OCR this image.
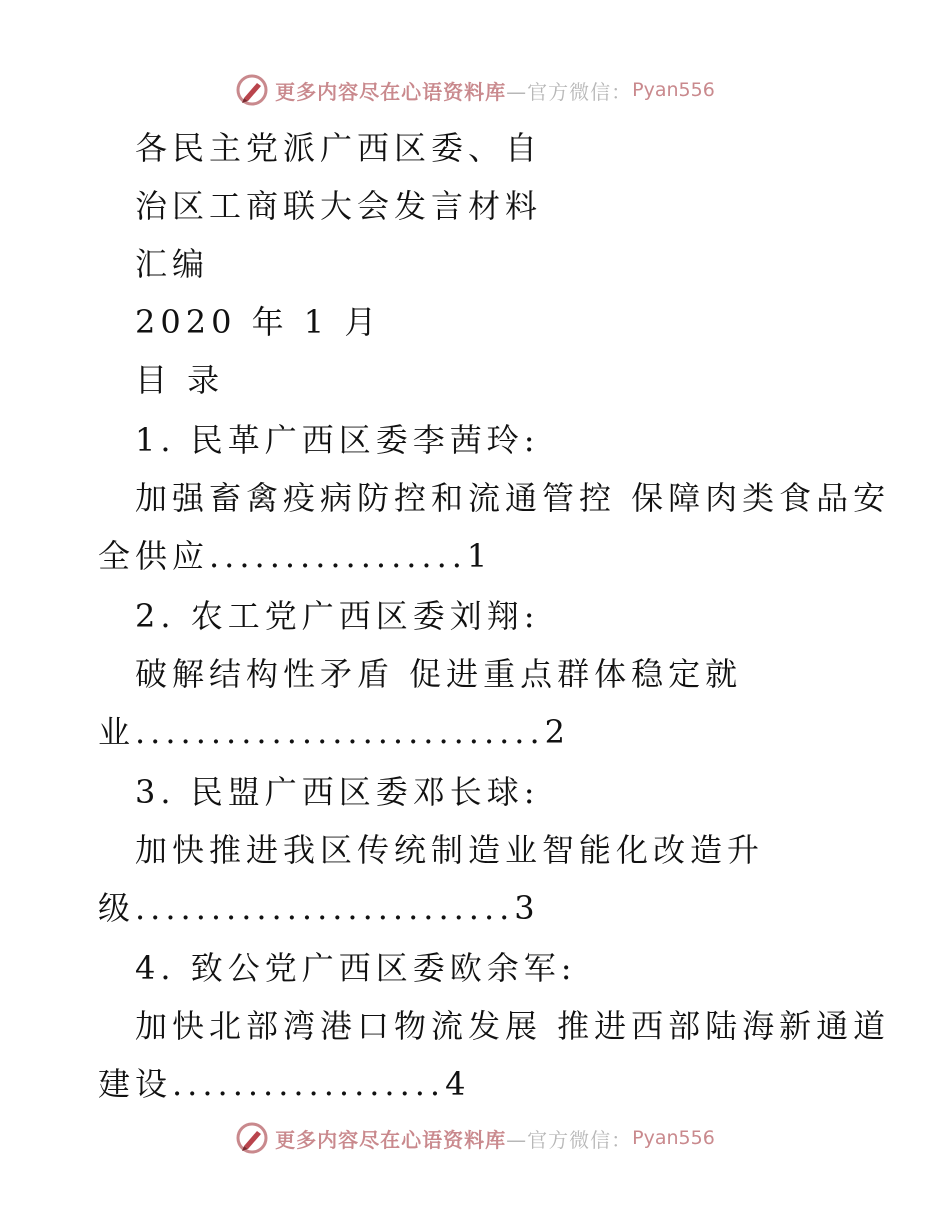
更多内容尽在心语资料库 —官方微信： Pyan556
各民主党派广西区委、自
治区工商联大会发言材料
汇编
2020 年 1 月
目 录
1. 民革广西区委李茜玲:
加强畜禽疫病防控和流通管控 保障肉类食品安
全供应.................1
2. 农工党广西区委刘翔:
破解结构性矛盾 促进重点群体稳定就
业...........................2
3. 民盟广西区委邓长球:
加快推进我区传统制造业智能化改造升
级.........................3
4. 致公党广西区委欧余军:
加快北部湾港口物流发展 推进西部陆海新通道
建设..................4
更多内容尽在心语资料库 —官方微信： Pyan556
